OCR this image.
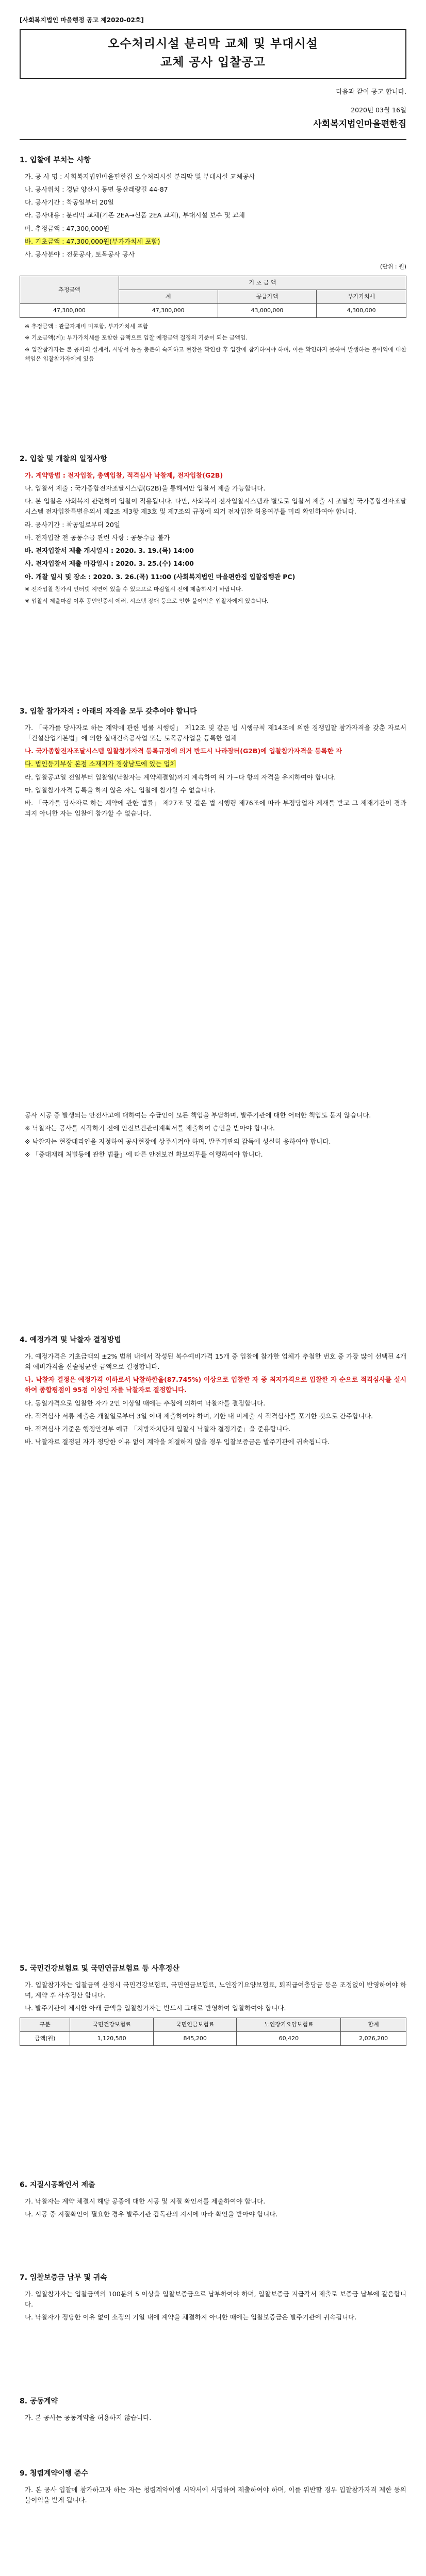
[사회복지법인 마을행정 공고 제2020-02호]
오수처리시설 분리막 교체 및 부대시설
교체 공사 입찰공고
다음과 같이 공고 합니다.
2020년 03월 16일
사회복지법인마을편한집
1. 입찰에 부치는 사항

가. 공 사 명 : 사회복지법인마을편한집 오수처리시설 분리막 및 부대시설 교체공사

나. 공사위치 : 경남 양산시 동면 동산래량길 44-87

다. 공사기간 : 착공일부터 20일

라. 공사내용 : 분리막 교체(기존 2EA→신품 2EA 교체), 부대시설 보수 및 교체

마. 추정금액 : 47,300,000원

바. 기초금액 : 47,300,000원(부가가치세 포함)

사. 공사분야 : 전문공사, 토목공사 공사

(단위 : 원)
추정금액	기 초 금 액		
	계	공급가액	부가가치세
47,300,000	47,300,000	43,000,000	4,300,000

※ 추정금액 : 관급자재비 미포함, 부가가치세 포함

※ 기초금액(계): 부가가치세를 포함한 금액으로 입찰 예정금액 결정의 기준이 되는 금액임.

※ 입찰참가자는 본 공사의 설계서, 시방서 등을 충분히 숙지하고 현장을 확인한 후 입찰에 참가하여야 하며, 이를 확인하지 못하여 발생하는 불이익에 대한 책임은 입찰참가자에게 있음

2. 입찰 및 개찰의 일정사항

가. 계약방법 : 전자입찰, 총액입찰, 적격심사 낙찰제, 전자입찰(G2B)

나. 입찰서 제출 : 국가종합전자조달시스템(G2B)을 통해서만 입찰서 제출 가능합니다.

다. 본 입찰은 사회복지 관련하여 입찰이 적용됩니다. 다만, 사회복지 전자입찰시스템과 별도로 입찰서 제출 시 조달청 국가종합전자조달시스템 전자입찰특별유의서 제2조 제3항 제3호 및 제7조의 규정에 의거 전자입찰 허용여부를 미리 확인하여야 합니다.

라. 공사기간 : 착공일로부터 20일

마. 전자입찰 전 공동수급 관련 사항 : 공동수급 불가

바. 전자입찰서 제출 개시일시 : 2020. 3. 19.(목) 14:00

사. 전자입찰서 제출 마감일시 : 2020. 3. 25.(수) 14:00

아. 개찰 일시 및 장소 : 2020. 3. 26.(목) 11:00 (사회복지법인 마을편한집 입찰집행관 PC)

※ 전자입찰 참가시 인터넷 지연이 있을 수 있으므로 마감일시 전에 제출하시기 바랍니다.

※ 입찰서 제출마감 이후 공인인증서 에러, 시스템 장애 등으로 인한 불이익은 입찰자에게 있습니다.

3. 입찰 참가자격 : 아래의 자격을 모두 갖추어야 합니다

가. 「국가를 당사자로 하는 계약에 관한 법률 시행령」 제12조 및 같은 법 시행규칙 제14조에 의한 경쟁입찰 참가자격을 갖춘 자로서 「건설산업기본법」에 의한 실내건축공사업 또는 토목공사업을 등록한 업체

나. 국가종합전자조달시스템 입찰참가자격 등록규정에 의거 반드시 나라장터(G2B)에 입찰참가자격을 등록한 자

다. 법인등기부상 본점 소재지가 경상남도에 있는 업체

라. 입찰공고일 전일부터 입찰일(낙찰자는 계약체결일)까지 계속하여 위 가~다 항의 자격을 유지하여야 합니다.

마. 입찰참가자격 등록을 하지 않은 자는 입찰에 참가할 수 없습니다.

바. 「국가를 당사자로 하는 계약에 관한 법률」 제27조 및 같은 법 시행령 제76조에 따라 부정당업자 제재를 받고 그 제재기간이 경과되지 아니한 자는 입찰에 참가할 수 없습니다.

공사 시공 중 발생되는 안전사고에 대하여는 수급인이 모든 책임을 부담하며, 발주기관에 대한 어떠한 책임도 묻지 않습니다.

※ 낙찰자는 공사를 시작하기 전에 안전보건관리계획서를 제출하여 승인을 받아야 합니다.

※ 낙찰자는 현장대리인을 지정하여 공사현장에 상주시켜야 하며, 발주기관의 감독에 성실히 응하여야 합니다.

※ 「중대재해 처벌등에 관한 법률」에 따른 안전보건 확보의무를 이행하여야 합니다.

4. 예정가격 및 낙찰자 결정방법

가. 예정가격은 기초금액의 ±2% 범위 내에서 작성된 복수예비가격 15개 중 입찰에 참가한 업체가 추첨한 번호 중 가장 많이 선택된 4개의 예비가격을 산술평균한 금액으로 결정합니다.

나. 낙찰자 결정은 예정가격 이하로서 낙찰하한율(87.745%) 이상으로 입찰한 자 중 최저가격으로 입찰한 자 순으로 적격심사를 실시하여 종합평점이 95점 이상인 자를 낙찰자로 결정합니다.

다. 동일가격으로 입찰한 자가 2인 이상일 때에는 추첨에 의하여 낙찰자를 결정합니다.

라. 적격심사 서류 제출은 개찰일로부터 3일 이내 제출하여야 하며, 기한 내 미제출 시 적격심사를 포기한 것으로 간주합니다.

마. 적격심사 기준은 행정안전부 예규 「지방자치단체 입찰시 낙찰자 결정기준」을 준용합니다.

바. 낙찰자로 결정된 자가 정당한 이유 없이 계약을 체결하지 않을 경우 입찰보증금은 발주기관에 귀속됩니다.

5. 국민건강보험료 및 국민연금보험료 등 사후정산

가. 입찰참가자는 입찰금액 산정시 국민건강보험료, 국민연금보험료, 노인장기요양보험료, 퇴직급여충당금 등은 조정없이 반영하여야 하며, 계약 후 사후정산 합니다.

나. 발주기관이 제시한 아래 금액을 입찰참가자는 반드시 그대로 반영하여 입찰하여야 합니다.

구분	국민건강보험료	국민연금보험료	노인장기요양보험료	합계
금액(원)	1,120,580	845,200	60,420	2,026,200
6. 지질시공확인서 제출

가. 낙찰자는 계약 체결시 해당 공종에 대한 시공 및 지질 확인서를 제출하여야 합니다.

나. 시공 중 지질확인이 필요한 경우 발주기관 감독관의 지시에 따라 확인을 받아야 합니다.

7. 입찰보증금 납부 및 귀속

가. 입찰참가자는 입찰금액의 100분의 5 이상을 입찰보증금으로 납부하여야 하며, 입찰보증금 지급각서 제출로 보증금 납부에 갈음합니다.

나. 낙찰자가 정당한 이유 없이 소정의 기일 내에 계약을 체결하지 아니한 때에는 입찰보증금은 발주기관에 귀속됩니다.

8. 공동계약

가. 본 공사는 공동계약을 허용하지 않습니다.

9. 청렴계약이행 준수

가. 본 공사 입찰에 참가하고자 하는 자는 청렴계약이행 서약서에 서명하여 제출하여야 하며, 이를 위반할 경우 입찰참가자격 제한 등의 불이익을 받게 됩니다.
